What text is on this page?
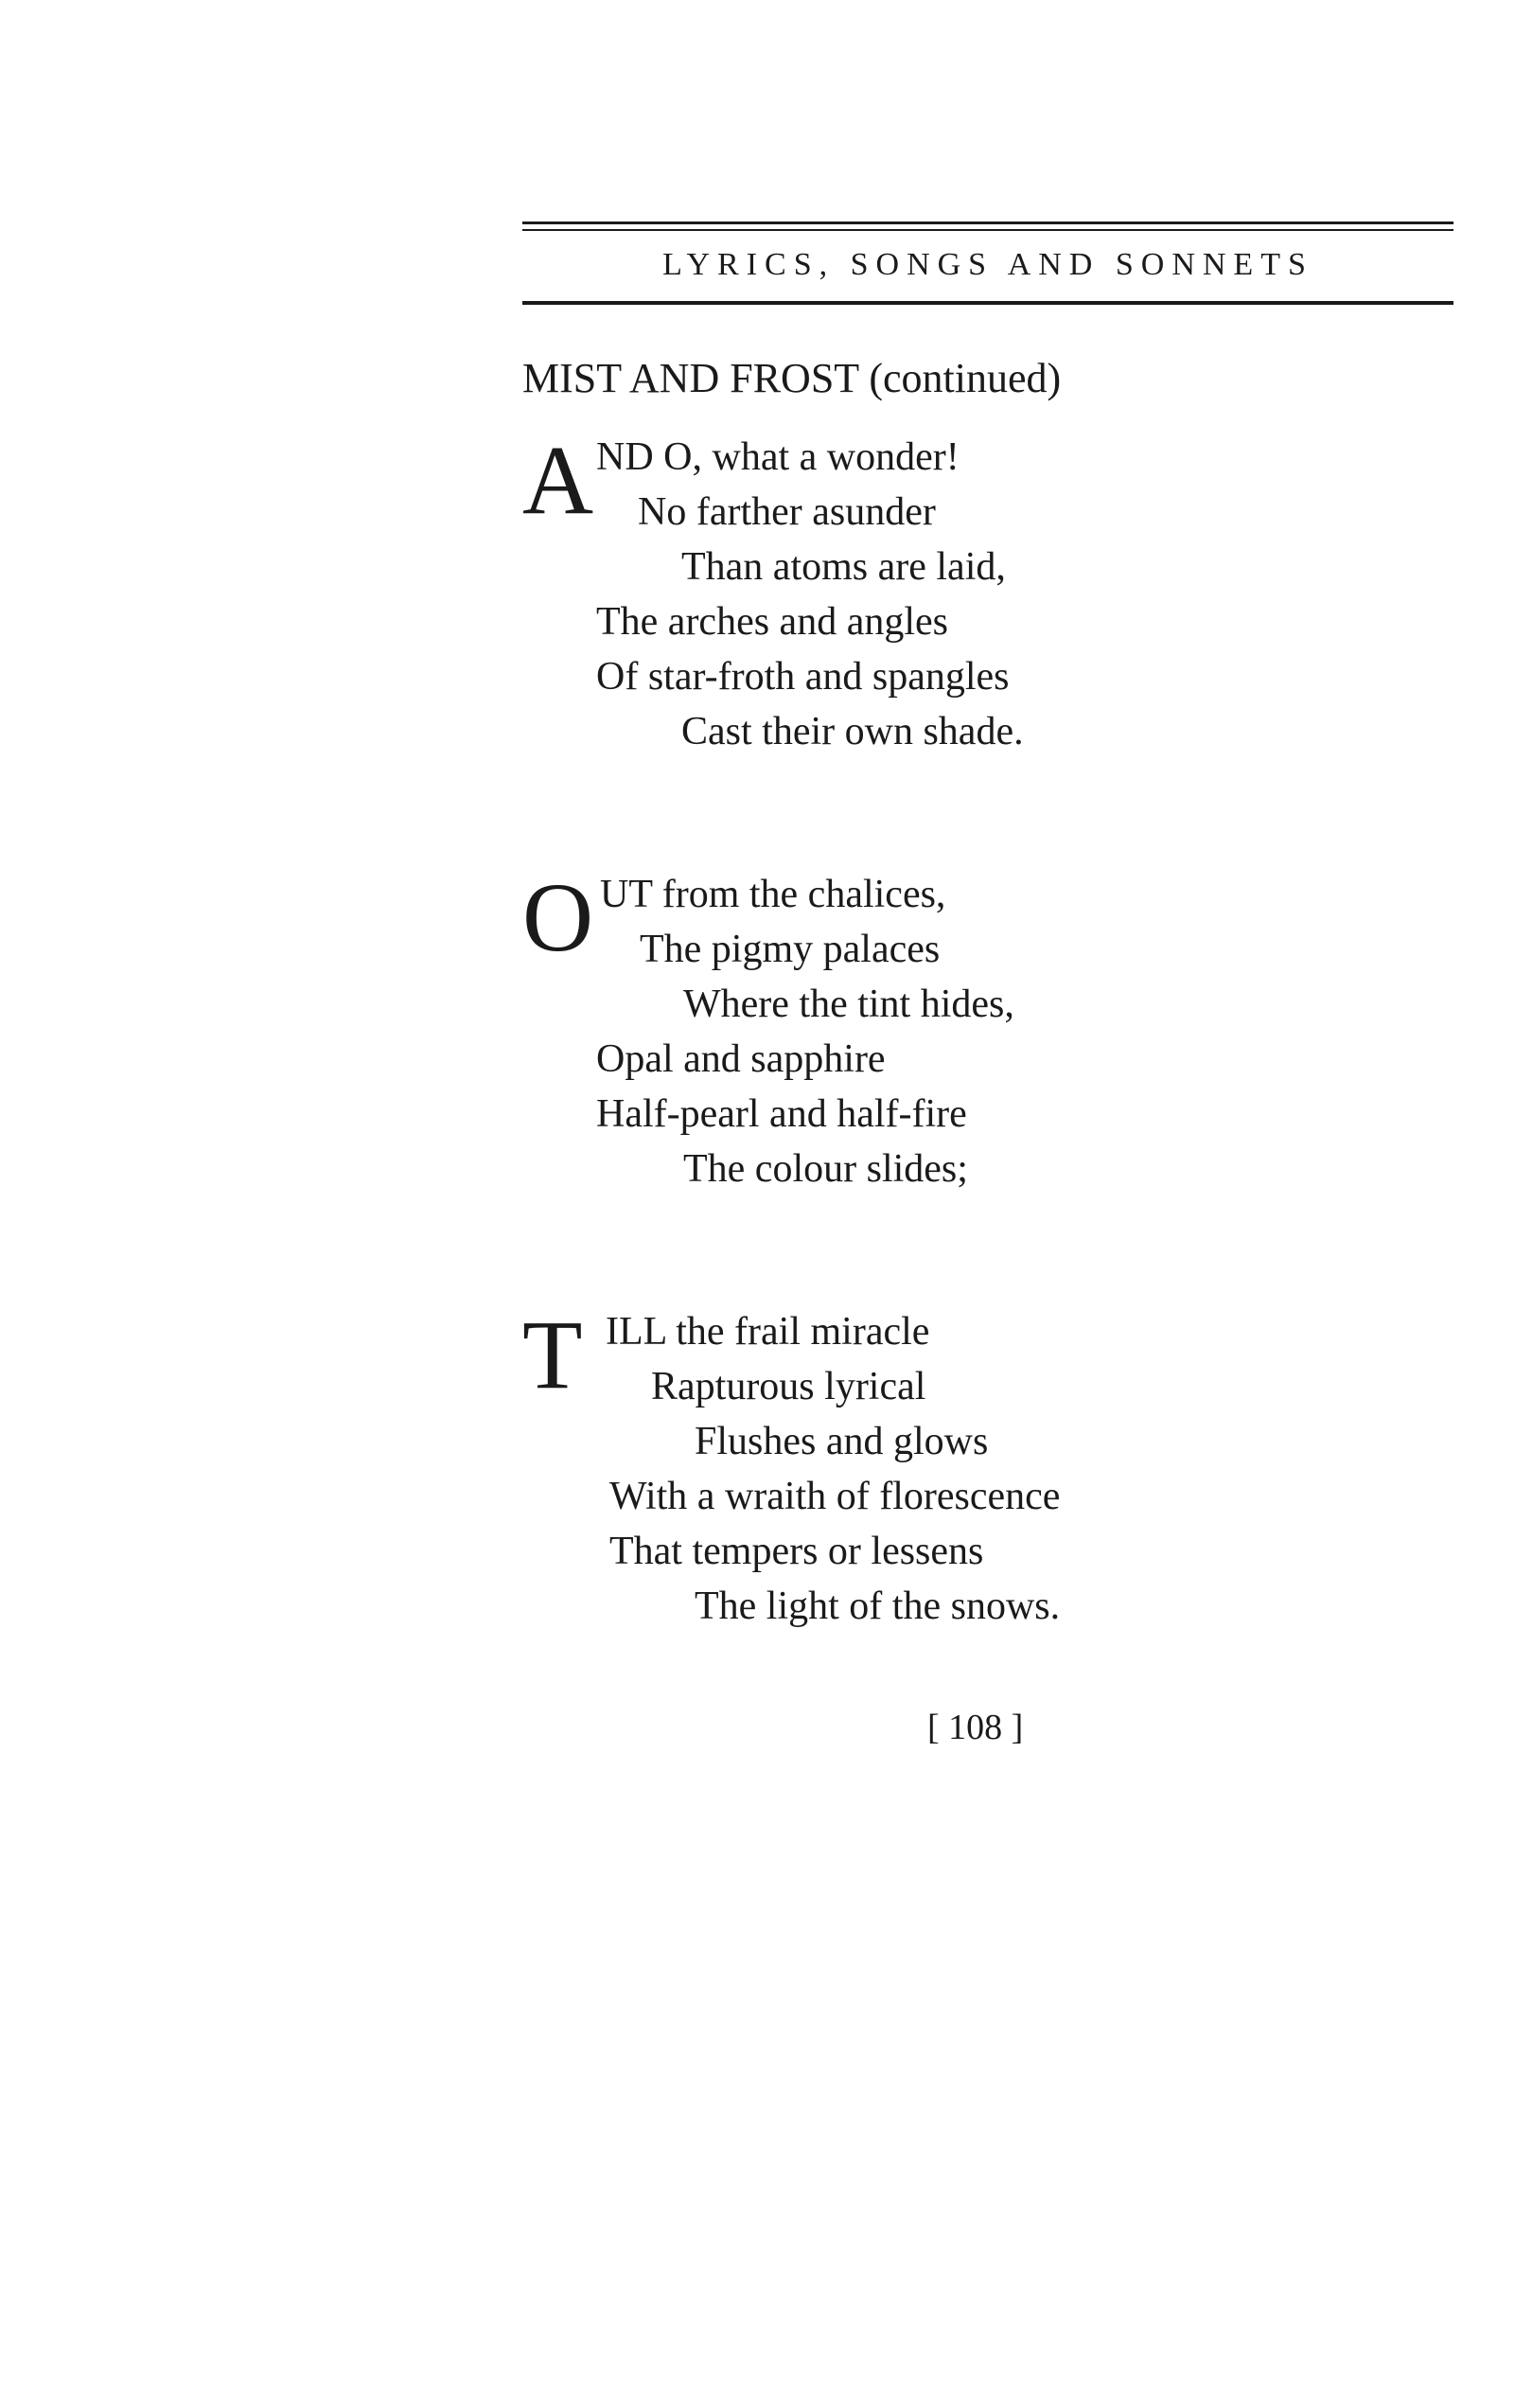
LYRICS, SONGS AND SONNETS
MIST AND FROST (continued)
A ND O, what a wonder!
No farther asunder
Than atoms are laid,
The arches and angles
Of star-froth and spangles
Cast their own shade.
O UT from the chalices,
The pigmy palaces
Where the tint hides,
Opal and sapphire
Half-pearl and half-fire
The colour slides;
T ILL the frail miracle
Rapturous lyrical
Flushes and glows
With a wraith of florescence
That tempers or lessens
The light of the snows.
[ 108 ]
